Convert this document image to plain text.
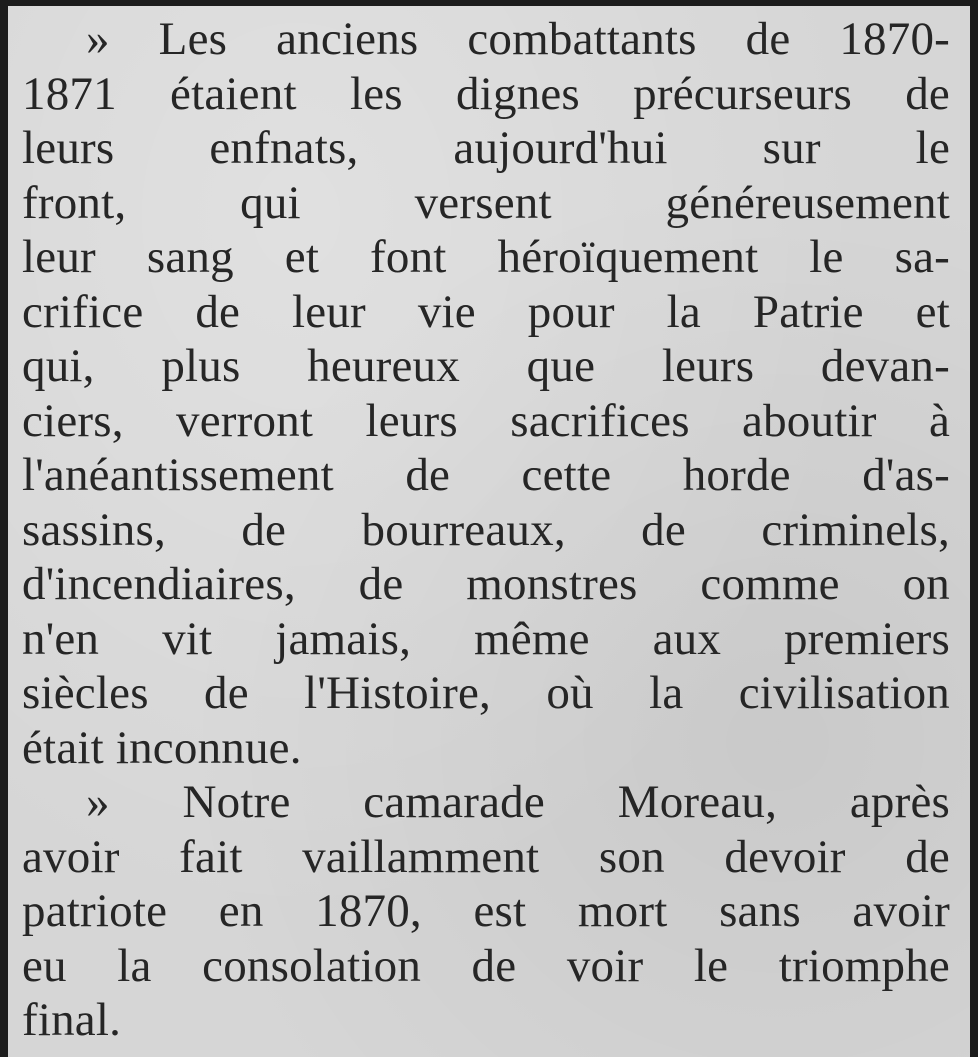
» Les anciens combattants de 1870-
1871 étaient les dignes précurseurs de
leurs enfnats, aujourd'hui sur le
front, qui versent généreusement
leur sang et font héroïquement le sa-
crifice de leur vie pour la Patrie et
qui, plus heureux que leurs devan-
ciers, verront leurs sacrifices aboutir à
l'anéantissement de cette horde d'as-
sassins, de bourreaux, de criminels,
d'incendiaires, de monstres comme on
n'en vit jamais, même aux premiers
siècles de l'Histoire, où la civilisation
était inconnue.
» Notre camarade Moreau, après
avoir fait vaillamment son devoir de
patriote en 1870, est mort sans avoir
eu la consolation de voir le triomphe
final.
